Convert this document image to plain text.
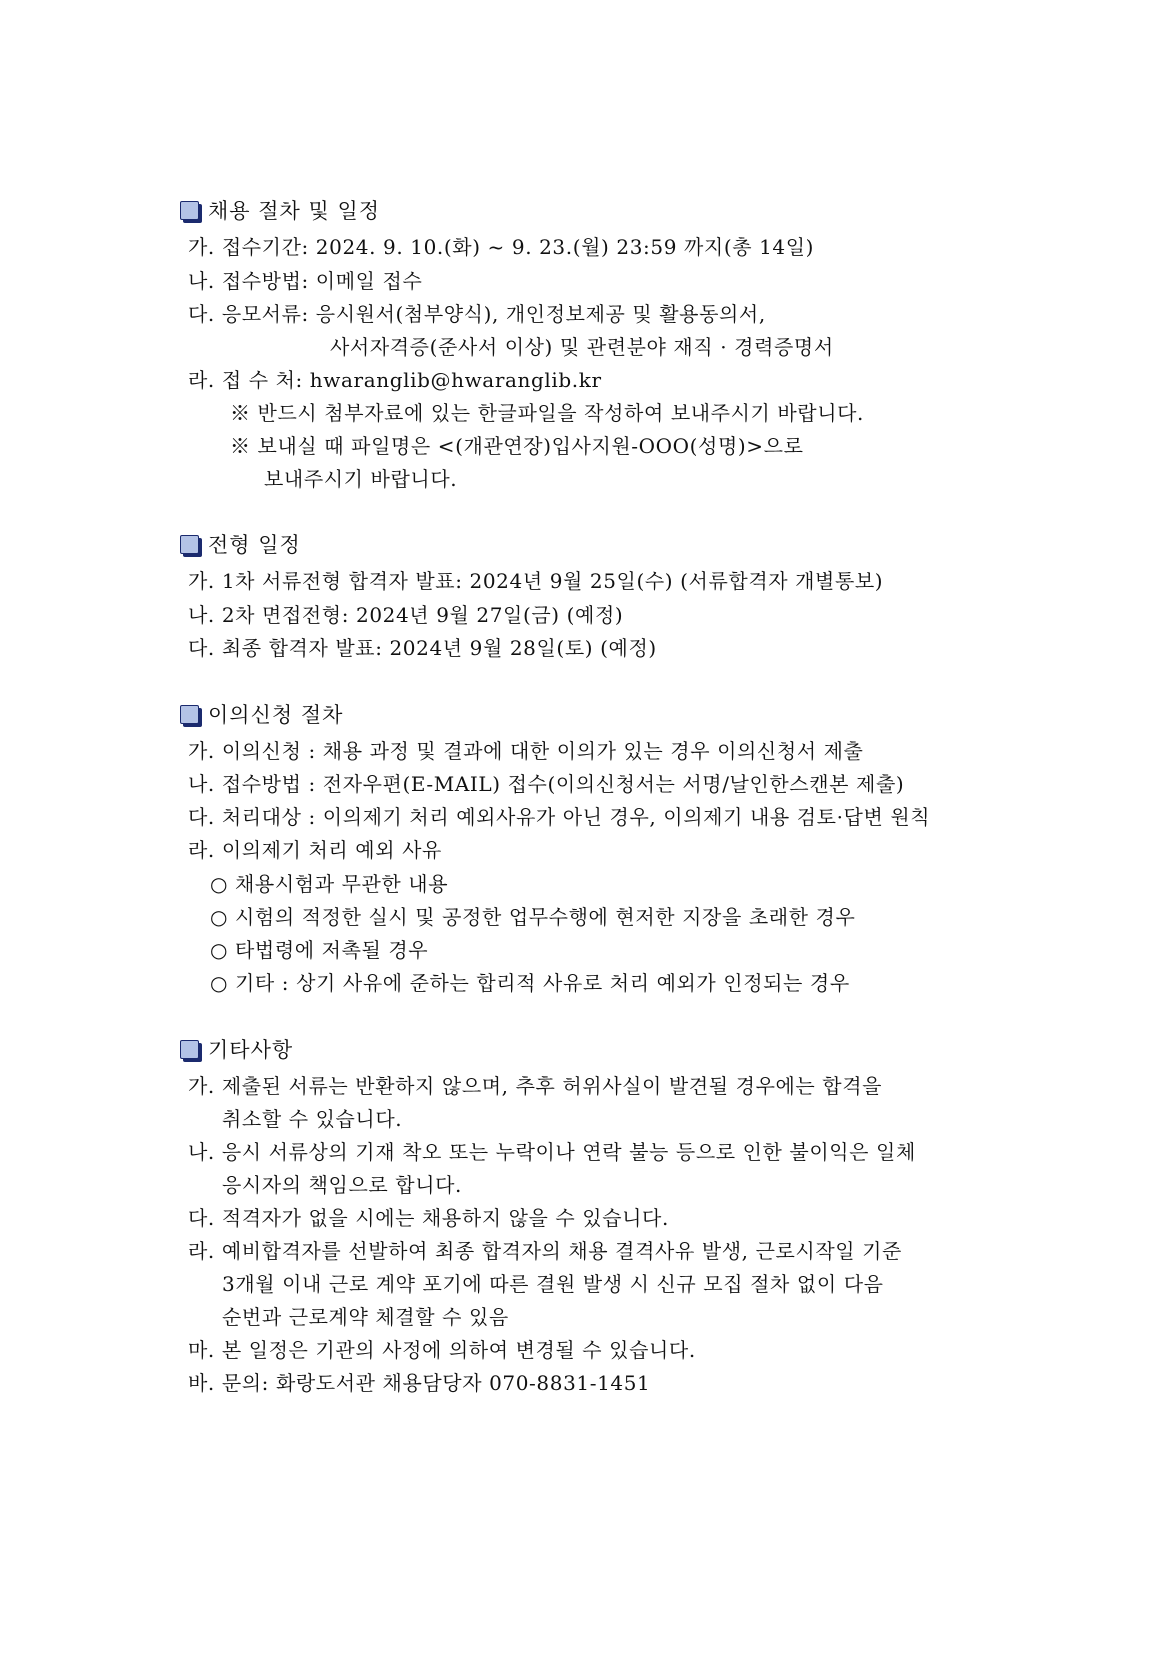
채용 절차 및 일정
가. 접수기간: 2024. 9. 10.(화) ~ 9. 23.(월) 23:59 까지(총 14일)
나. 접수방법: 이메일 접수
다. 응모서류: 응시원서(첨부양식), 개인정보제공 및 활용동의서,
사서자격증(준사서 이상) 및 관련분야 재직 · 경력증명서
라. 접 수 처: hwaranglib@hwaranglib.kr
※ 반드시 첨부자료에 있는 한글파일을 작성하여 보내주시기 바랍니다.
※ 보내실 때 파일명은 <(개관연장)입사지원-OOO(성명)>으로
보내주시기 바랍니다.
전형 일정
가. 1차 서류전형 합격자 발표: 2024년 9월 25일(수) (서류합격자 개별통보)
나. 2차 면접전형: 2024년 9월 27일(금) (예정)
다. 최종 합격자 발표: 2024년 9월 28일(토) (예정)
이의신청 절차
가. 이의신청 : 채용 과정 및 결과에 대한 이의가 있는 경우 이의신청서 제출
나. 접수방법 : 전자우편(E-MAIL) 접수(이의신청서는 서명/날인한스캔본 제출)
다. 처리대상 : 이의제기 처리 예외사유가 아닌 경우, 이의제기 내용 검토·답변 원칙
라. 이의제기 처리 예외 사유
○ 채용시험과 무관한 내용
○ 시험의 적정한 실시 및 공정한 업무수행에 현저한 지장을 초래한 경우
○ 타법령에 저촉될 경우
○ 기타 : 상기 사유에 준하는 합리적 사유로 처리 예외가 인정되는 경우
기타사항
가. 제출된 서류는 반환하지 않으며, 추후 허위사실이 발견될 경우에는 합격을
취소할 수 있습니다.
나. 응시 서류상의 기재 착오 또는 누락이나 연락 불능 등으로 인한 불이익은 일체
응시자의 책임으로 합니다.
다. 적격자가 없을 시에는 채용하지 않을 수 있습니다.
라. 예비합격자를 선발하여 최종 합격자의 채용 결격사유 발생, 근로시작일 기준
3개월 이내 근로 계약 포기에 따른 결원 발생 시 신규 모집 절차 없이 다음
순번과 근로계약 체결할 수 있음
마. 본 일정은 기관의 사정에 의하여 변경될 수 있습니다.
바. 문의: 화랑도서관 채용담당자 070-8831-1451
